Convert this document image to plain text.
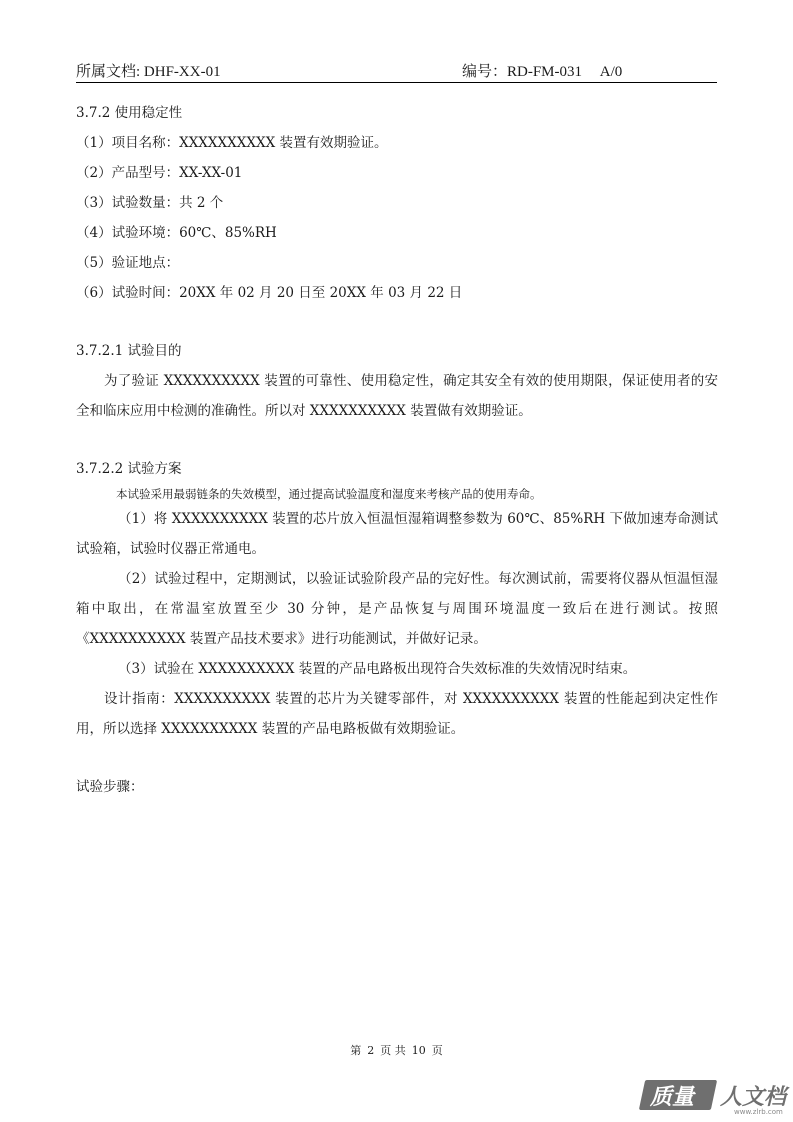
所属文档: DHF-XX-01	编号：RD-FM-031 A/0
3.7.2 使用稳定性
（1）项目名称：XXXXXXXXXX 装置有效期验证。
（2）产品型号：XX-XX-01
（3）试验数量：共 2 个
（4）试验环境：60℃、85%RH
（5）验证地点：
（6）试验时间：20XX 年 02 月 20 日至 20XX 年 03 月 22 日
3.7.2.1 试验目的
为了验证 XXXXXXXXXX 装置的可靠性、使用稳定性，确定其安全有效的使用期限，保证使用者的安全和临床应用中检测的准确性。所以对 XXXXXXXXXX 装置做有效期验证。
3.7.2.2 试验方案
本试验采用最弱链条的失效模型，通过提高试验温度和湿度来考核产品的使用寿命。
（1）将 XXXXXXXXXX 装置的芯片放入恒温恒湿箱调整参数为 60℃、85%RH 下做加速寿命测试试验箱，试验时仪器正常通电。
（2）试验过程中，定期测试，以验证试验阶段产品的完好性。每次测试前，需要将仪器从恒温恒湿箱中取出，在常温室放置至少 30 分钟，是产品恢复与周围环境温度一致后在进行测试。按照《XXXXXXXXXX 装置产品技术要求》进行功能测试，并做好记录。
（3）试验在 XXXXXXXXXX 装置的产品电路板出现符合失效标准的失效情况时结束。
设计指南：XXXXXXXXXX 装置的芯片为关键零部件，对 XXXXXXXXXX 装置的性能起到决定性作用，所以选择 XXXXXXXXXX 装置的产品电路板做有效期验证。
试验步骤：
第 2 页 共 10 页
质量 人文档
www.zlrb.com
